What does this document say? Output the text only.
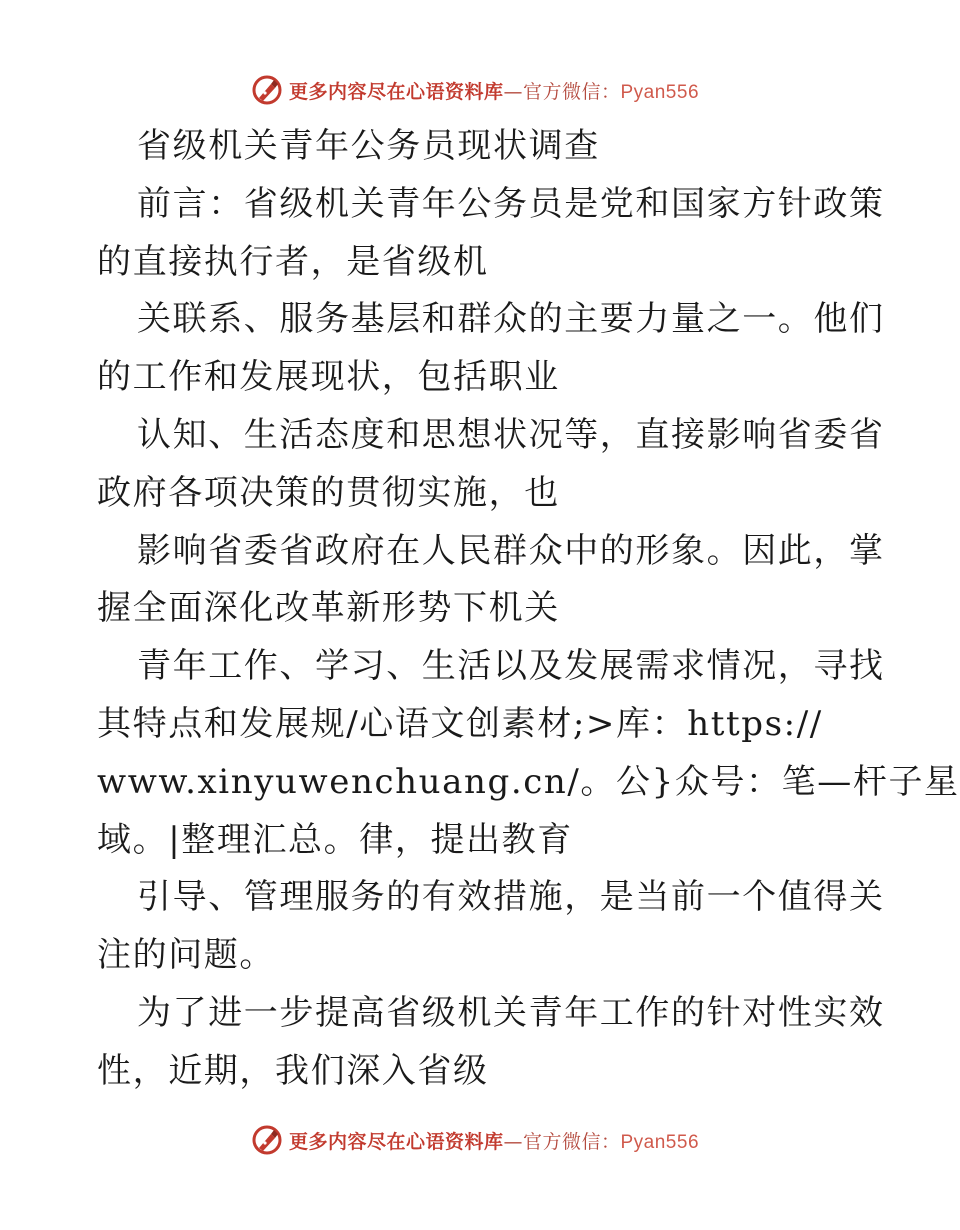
更多内容尽在心语资料库—官方微信：Pyan556
省级机关青年公务员现状调查
前言：省级机关青年公务员是党和国家方针政策
的直接执行者，是省级机
关联系、服务基层和群众的主要力量之一。他们
的工作和发展现状，包括职业
认知、生活态度和思想状况等，直接影响省委省
政府各项决策的贯彻实施，也
影响省委省政府在人民群众中的形象。因此，掌
握全面深化改革新形势下机关
青年工作、学习、生活以及发展需求情况，寻找
其特点和发展规/心语文创素材;>库：https://
www.xinyuwenchuang.cn/。公}众号：笔—杆子星
域。|整理汇总。律，提出教育
引导、管理服务的有效措施，是当前一个值得关
注的问题。
为了进一步提高省级机关青年工作的针对性实效
性，近期，我们深入省级
更多内容尽在心语资料库—官方微信：Pyan556
